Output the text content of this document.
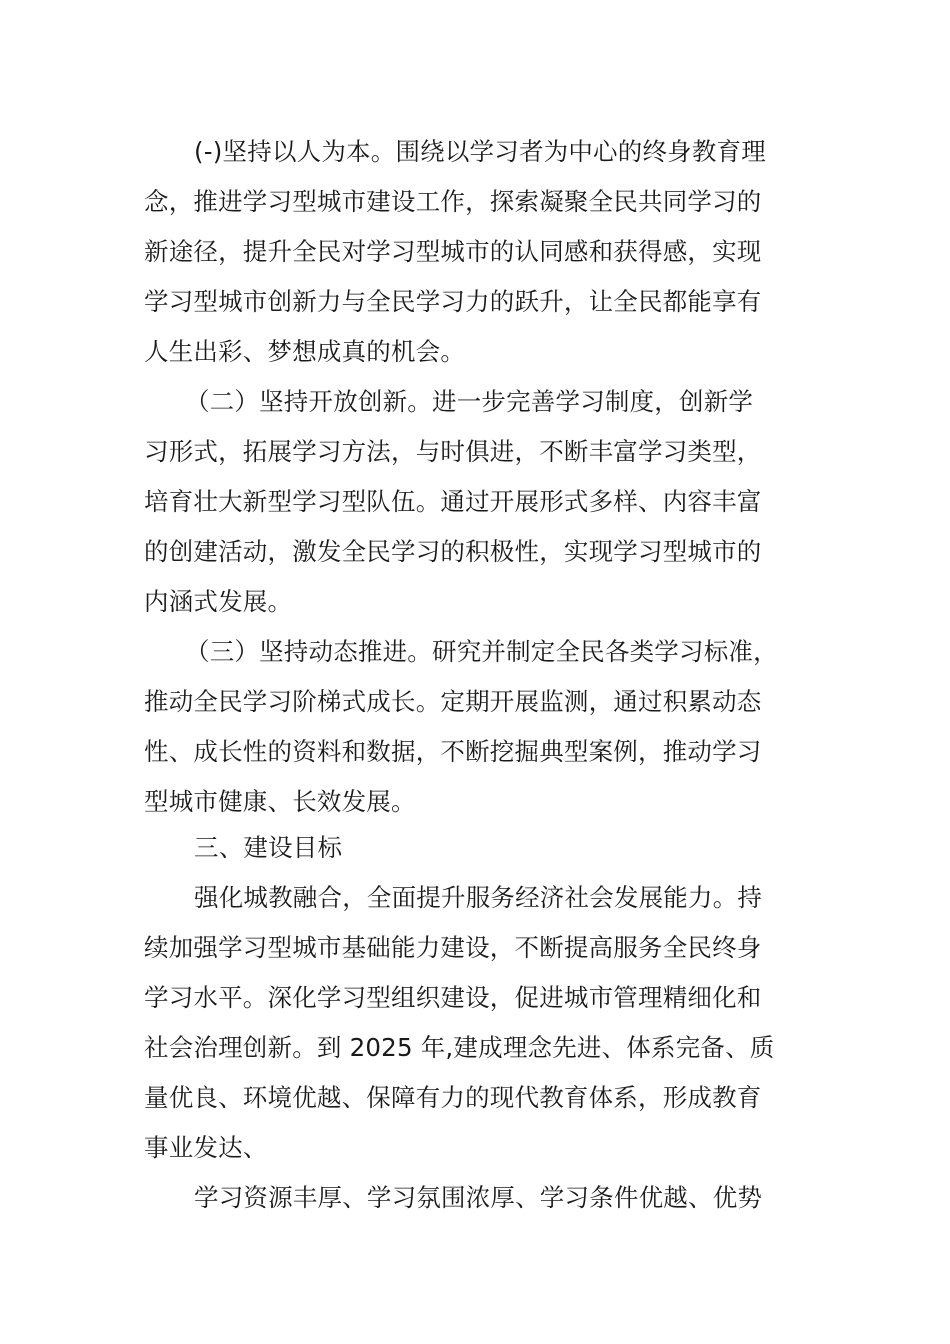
(-)坚持以人为本。围绕以学习者为中心的终身教育理
念，推进学习型城市建设工作，探索凝聚全民共同学习的
新途径，提升全民对学习型城市的认同感和获得感，实现
学习型城市创新力与全民学习力的跃升，让全民都能享有
人生出彩、梦想成真的机会。
（二）坚持开放创新。进一步完善学习制度，创新学
习形式，拓展学习方法，与时俱进，不断丰富学习类型，
培育壮大新型学习型队伍。通过开展形式多样、内容丰富
的创建活动，激发全民学习的积极性，实现学习型城市的
内涵式发展。
（三）坚持动态推进。研究并制定全民各类学习标准，
推动全民学习阶梯式成长。定期开展监测，通过积累动态
性、成长性的资料和数据，不断挖掘典型案例，推动学习
型城市健康、长效发展。
三、建设目标
强化城教融合，全面提升服务经济社会发展能力。持
续加强学习型城市基础能力建设，不断提高服务全民终身
学习水平。深化学习型组织建设，促进城市管理精细化和
社会治理创新。到 2025 年,建成理念先进、体系完备、质
量优良、环境优越、保障有力的现代教育体系，形成教育
事业发达、
学习资源丰厚、学习氛围浓厚、学习条件优越、优势
